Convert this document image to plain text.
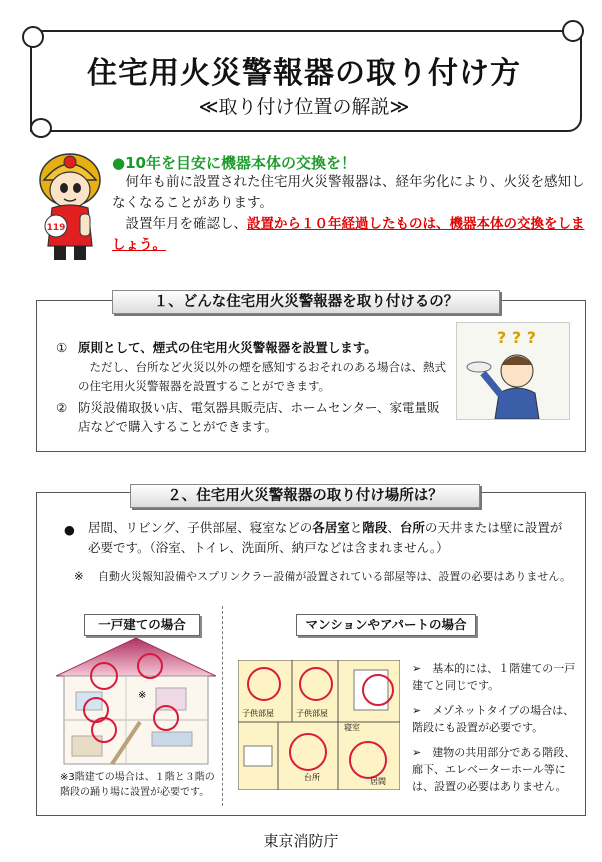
住宅用火災警報器の取り付け方
≪取り付け位置の解説≫
119
●10年を目安に機器本体の交換を！

何年も前に設置された住宅用火災警報器は、経年劣化により、火災を感知しなくなることがあります。

設置年月を確認し、設置から１０年経過したものは、機器本体の交換をしましょう。

１、どんな住宅用火災警報器を取り付けるの？
① 原則として、煙式の住宅用火災警報器を設置します。
ただし、台所など火災以外の煙を感知するおそれのある場合は、熱式の住宅用火災警報器を設置することができます。
② 防災設備取扱い店、電気器具販売店、ホームセンター、家電量販店などで購入することができます。
? ? ?
２、住宅用火災警報器の取り付け場所は？
● 居間、リビング、子供部屋、寝室などの各居室と階段、台所の天井または壁に設置が必要です。（浴室、トイレ、洗面所、納戸などは含まれません。）
※ 自動火災報知設備やスプリンクラー設備が設置されている部屋等は、設置の必要はありません。
一戸建ての場合	マンションやアパートの場合
※
※3階建ての場合は、１階と３階の階段の踊り場に設置が必要です。
子供部屋	子供部屋
寝室
台所	居間
➢　基本的には、１階建ての一戸建てと同じです。
➢　メゾネットタイプの場合は、階段にも設置が必要です。
➢　建物の共用部分である階段、廊下、エレベーターホール等には、設置の必要はありません。
東京消防庁
